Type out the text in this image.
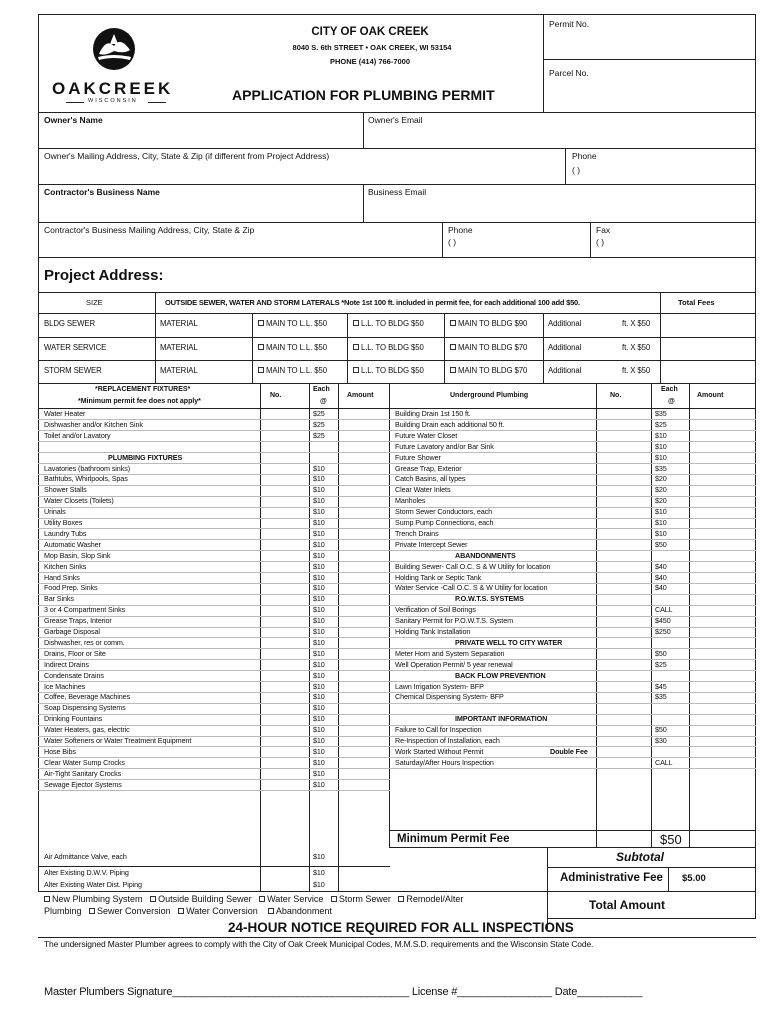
OAKCREEK
WISCONSIN
CITY OF OAK CREEK
8040 S. 6th STREET • OAK CREEK, WI 53154
PHONE (414) 766-7000
APPLICATION FOR PLUMBING PERMIT
Permit No.
Parcel No.
Owner's Name	Owner's Email
Owner's Mailing Address, City, State & Zip (if different from Project Address)	Phone
( )
Contractor's Business Name	Business Email
Contractor's Business Mailing Address, City, State & Zip	Phone
( )
Fax
( )
Project Address:
SIZE	OUTSIDE SEWER, WATER AND STORM LATERALS *Note 1st 100 ft. included in permit fee, for each additional 100 add $50.	Total Fees
BLDG SEWER	MATERIAL	MAIN TO L.L. $50	L.L. TO BLDG $50	MAIN TO BLDG $90	Additional	ft. X $50
WATER SERVICE	MATERIAL	MAIN TO L.L. $50	L.L. TO BLDG $50	MAIN TO BLDG $70	Additional	ft. X $50
STORM SEWER	MATERIAL	MAIN TO L.L. $50	L.L. TO BLDG $50	MAIN TO BLDG $70	Additional	ft. X $50
*REPLACEMENT FIXTURES*
*Minimum permit fee does not apply*
No.
Each
@
Amount	Underground Plumbing	No.
Each
@
Amount
Water Heater	$25
Dishwasher and/or Kitchen Sink	$25
Toilet and/or Lavatory	$25
PLUMBING FIXTURES
Lavatories (bathroom sinks)	$10
Bathtubs, Whirlpools, Spas	$10
Shower Stalls	$10
Water Closets (Toilets)	$10
Urinals	$10
Utility Boxes	$10
Laundry Tubs	$10
Automatic Washer	$10
Mop Basin, Slop Sink	$10
Kitchen Sinks	$10
Hand Sinks	$10
Food Prep. Sinks	$10
Bar Sinks	$10
3 or 4 Compartment Sinks	$10
Grease Traps, Interior	$10
Garbage Disposal	$10
Dishwasher, res or comm.	$10
Drains, Floor or Site	$10
Indirect Drains	$10
Condensate Drains	$10
Ice Machines	$10
Coffee, Beverage Machines	$10
Soap Dispensing Systems	$10
Drinking Fountains	$10
Water Heaters, gas, electric	$10
Water Softeners or Water Treatment Equipment	$10
Hose Bibs	$10
Clear Water Sump Crocks	$10
Air-Tight Sanitary Crocks	$10
Sewage Ejector Systems	$10
Building Drain 1st 150 ft.	$35
Building Drain each additional 50 ft.	$25
Future Water Closet	$10
Future Lavatory and/or Bar Sink	$10
Future Shower	$10
Grease Trap, Exterior	$35
Catch Basins, all types	$20
Clear Water Inlets	$20
Manholes	$20
Storm Sewer Conductors, each	$10
Sump Pump Connections, each	$10
Trench Drains	$10
Private Intercept Sewer	$50
ABANDONMENTS
Building Sewer- Call O.C. S & W Utility for location	$40
Holding Tank or Septic Tank	$40
Water Service -Call O.C. S & W Utility for location	$40
P.O.W.T.S. SYSTEMS
Verification of Soil Borings	CALL
Sanitary Permit for P.O.W.T.S. System	$450
Holding Tank Installation	$250
PRIVATE WELL TO CITY WATER
Meter Horn and System Separation	$50
Well Operation Permit/ 5 year renewal	$25
BACK FLOW PREVENTION
Lawn Irrigation System- BFP	$45
Chemical Dispensing System- BFP	$35
IMPORTANT INFORMATION
Failure to Call for Inspection	$50
Re-Inspection of Installation, each	$30
Work Started Without Permit	Double Fee
Saturday/After Hours Inspection	CALL
Air Admittance Valve, each	$10
Alter Existing D.W.V. Piping	$10
Alter Existing Water Dist. Piping	$10
Minimum Permit Fee	$50
Subtotal
Administrative Fee $5.00
Total Amount
New Plumbing System Outside Building Sewer Water Service Storm Sewer Remodel/Alter
Plumbing Sewer Conversion Water Conversion Abandonment
24-HOUR NOTICE REQUIRED FOR ALL INSPECTIONS
The undersigned Master Plumber agrees to comply with the City of Oak Creek Municipal Codes, M.M.S.D. requirements and the Wisconsin State Code.
Master Plumbers Signature________________________________________ License #________________ Date___________
